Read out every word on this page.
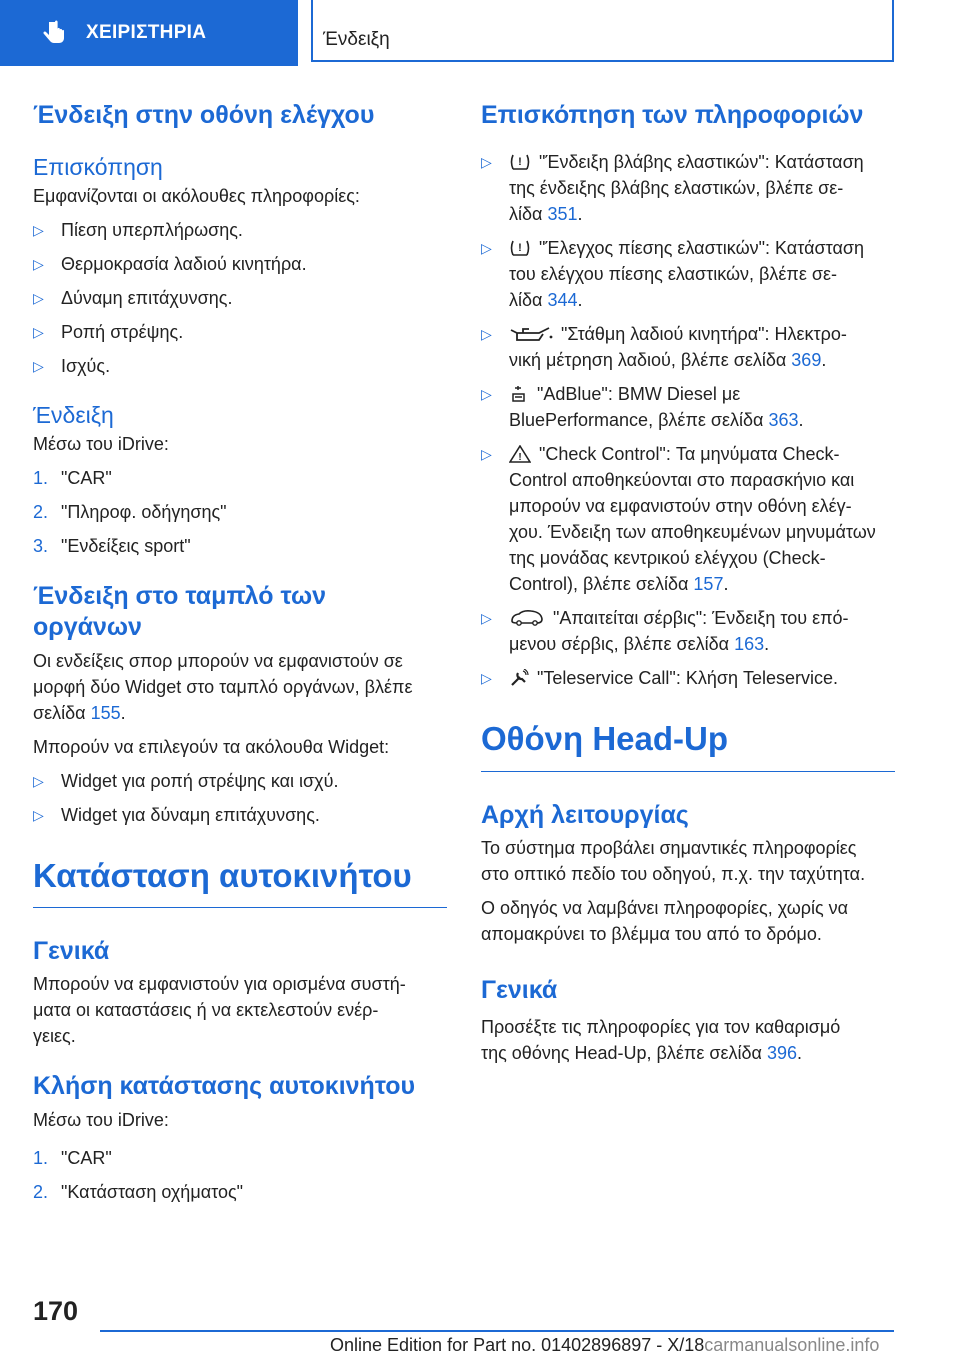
ΧΕΙΡΙΣΤΗΡΙΑ	Ένδειξη
Ένδειξη στην οθόνη ελέγχου
Επισκόπηση

Εμφανίζονται οι ακόλουθες πληροφορίες:

▷ Πίεση υπερπλήρωσης.
▷ Θερμοκρασία λαδιού κινητήρα.
▷ Δύναμη επιτάχυνσης.
▷ Ροπή στρέψης.
▷ Ισχύς.
Ένδειξη

Μέσω του iDrive:

1. "CAR"
2. "Πληροφ. οδήγησης"
3. "Ενδείξεις sport"
Ένδειξη στο ταμπλό των
οργάνων

Οι ενδείξεις σπορ μπορούν να εμφανιστούν σε
μορφή δύο Widget στο ταμπλό οργάνων, βλέπε
σελίδα 155.

Μπορούν να επιλεγούν τα ακόλουθα Widget:

▷ Widget για ροπή στρέψης και ισχύ.
▷ Widget για δύναμη επιτάχυνσης.
Κατάσταση αυτοκινήτου
Γενικά

Μπορούν να εμφανιστούν για ορισμένα συστή-
ματα οι καταστάσεις ή να εκτελεστούν ενέρ-
γειες.

Κλήση κατάστασης αυτοκινήτου

Μέσω του iDrive:

1. "CAR"
2. "Κατάσταση οχήματος"
Επισκόπηση των πληροφοριών
▷ ! "Ένδειξη βλάβης ελαστικών": Κατάσταση
της ένδειξης βλάβης ελαστικών, βλέπε σε-
λίδα 351.
▷ ! "Έλεγχος πίεσης ελαστικών": Κατάσταση
του ελέγχου πίεσης ελαστικών, βλέπε σε-
λίδα 344.
▷	"Στάθμη λαδιού κινητήρα": Ηλεκτρο-
νική μέτρηση λαδιού, βλέπε σελίδα 369.
▷	"AdBlue": BMW Diesel με
BluePerformance, βλέπε σελίδα 363.
▷	! "Check Control": Τα μηνύματα Check-
Control αποθηκεύονται στο παρασκήνιο και
μπορούν να εμφανιστούν στην οθόνη ελέγ-
χου. Ένδειξη των αποθηκευμένων μηνυμάτων
της μονάδας κεντρικού ελέγχου (Check-
Control), βλέπε σελίδα 157.
▷	"Απαιτείται σέρβις": Ένδειξη του επό-
μενου σέρβις, βλέπε σελίδα 163.
▷	"Teleservice Call": Κλήση Teleservice.
Οθόνη Head-Up
Αρχή λειτουργίας

Το σύστημα προβάλει σημαντικές πληροφορίες
στο οπτικό πεδίο του οδηγού, π.χ. την ταχύτητα.

Ο οδηγός να λαμβάνει πληροφορίες, χωρίς να
απομακρύνει το βλέμμα του από το δρόμο.

Γενικά

Προσέξτε τις πληροφορίες για τον καθαρισμό
της οθόνης Head-Up, βλέπε σελίδα 396.

170
Online Edition for Part no. 01402896897 - X/18carmanualsonline.info
